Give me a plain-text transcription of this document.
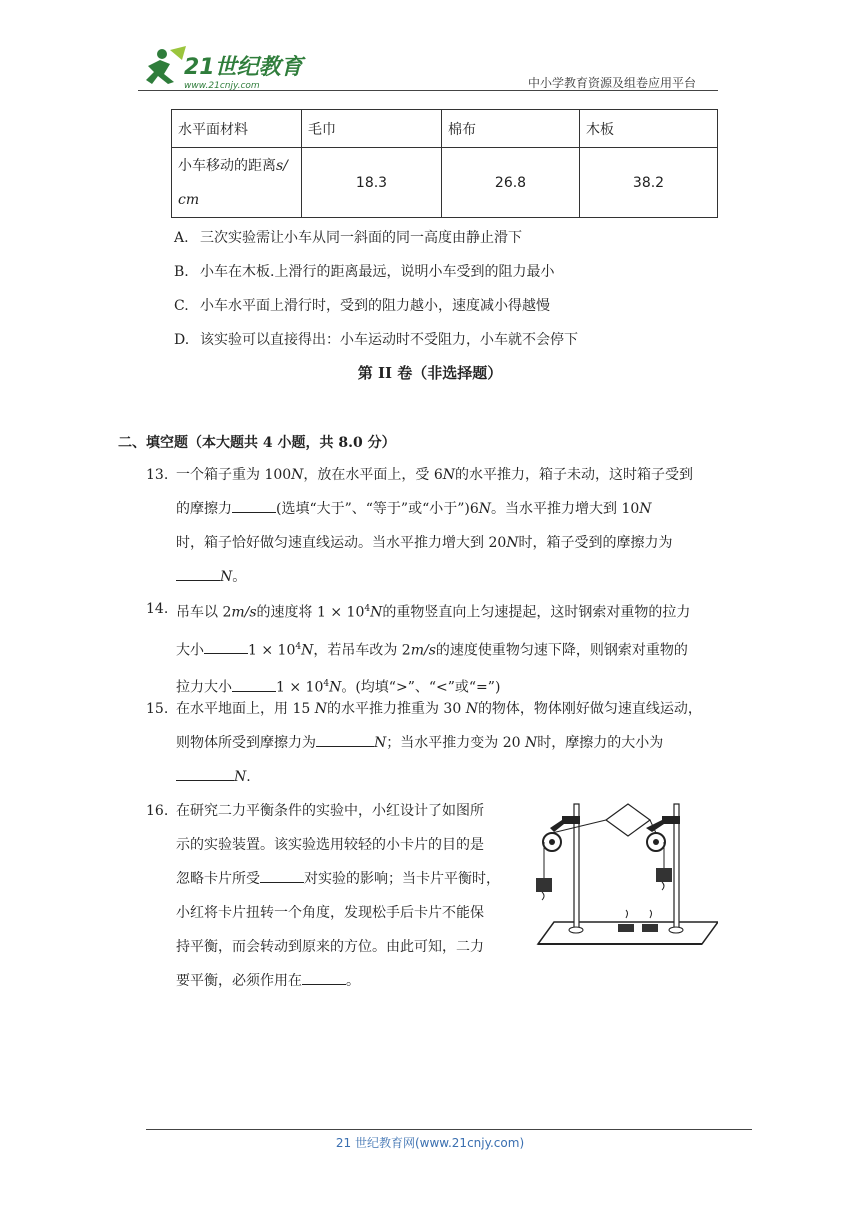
21世纪教育
www.21cnjy.com	中小学教育资源及组卷应用平台
水平面材料	毛巾	棉布	木板
小车移动的距离s/
cm	18.3	26.8	38.2
A. 三次实验需让小车从同一斜面的同一高度由静止滑下
B. 小车在木板.上滑行的距离最远，说明小车受到的阻力最小
C. 小车水平面上滑行时，受到的阻力越小，速度减小得越慢
D. 该实验可以直接得出：小车运动时不受阻力，小车就不会停下
第 II 卷（非选择题）
二、填空题（本大题共 4 小题，共 8.0 分）
13. 一个箱子重为 100N，放在水平面上，受 6N的水平推力，箱子未动，这时箱子受到
的摩擦力	(选填“大于”、“等于”或“小于”)6N。当水平推力增大到 10N
时，箱子恰好做匀速直线运动。当水平推力增大到 20N时，箱子受到的摩擦力为
N。
14. 吊车以 2m/s的速度将 $1 \times 10^4N$的重物竖直向上匀速提起，这时钢索对重物的拉力
大小	$1 \times 10^4N$，若吊车改为 2m/s的速度使重物匀速下降，则钢索对重物的
拉力大小	$1 \times 10^4N$。(均填“>”、“<”或“=”)
15. 在水平地面上，用 15 N的水平推力推重为 30 N的物体，物体刚好做匀速直线运动，
则物体所受到摩擦力为	N；当水平推力变为 20 N时，摩擦力的大小为
N.
16. 在研究二力平衡条件的实验中，小红设计了如图所
示的实验装置。该实验选用较轻的小卡片的目的是
忽略卡片所受	对实验的影响；当卡片平衡时，
小红将卡片扭转一个角度，发现松手后卡片不能保
持平衡，而会转动到原来的方位。由此可知，二力
要平衡，必须作用在	。
21 世纪教育网(www.21cnjy.com)
